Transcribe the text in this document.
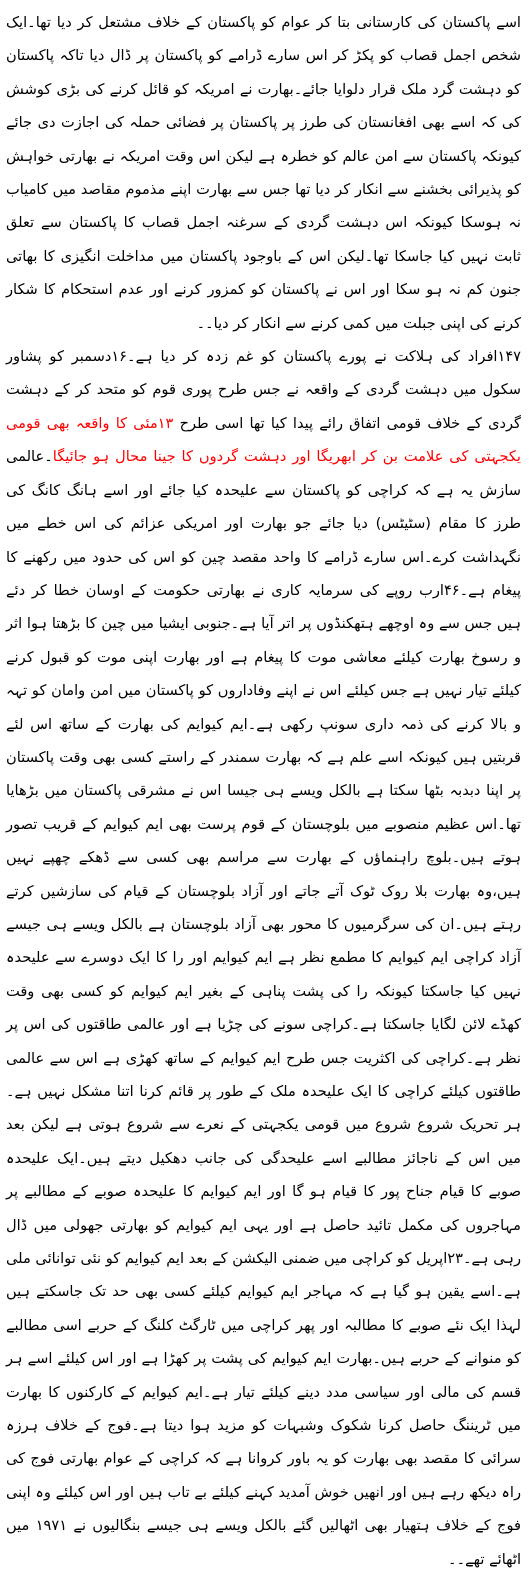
اسے پاکستان کی کارستانی بتا کر عوام کو پاکستان کے خلاف مشتعل کر دیا تھا۔ایک شخص اجمل قصاب کو پکڑ کر اس سارے ڈرامے کو پاکستان پر ڈال دیا تاکہ پاکستان کو دہشت گرد ملک قرار دلوایا جائے۔بھارت نے امریکہ کو قائل کرنے کی بڑی کوشش کی کہ اسے بھی افغانستان کی طرز پر پاکستان پر فضائی حملہ کی اجازت دی جائے کیونکہ پاکستان سے امن عالم کو خطرہ ہے لیکن اس وقت امریکہ نے بھارتی خواہش کو پذیرائی بخشنے سے انکار کر دیا تھا جس سے بھارت اپنے مذموم مقاصد میں کامیاب نہ ہوسکا کیونکہ اس دہشت گردی کے سرغنہ اجمل قصاب کا پاکستان سے تعلق ثابت نہیں کیا جاسکا تھا۔لیکن اس کے باوجود پاکستان میں مداخلت انگیزی کا بھاتی جنون کم نہ ہو سکا اور اس نے پاکستان کو کمزور کرنے اور عدم استحکام کا شکار کرنے کی اپنی جبلت میں کمی کرنے سے انکار کر دیا۔۔

۱۴۷افراد کی ہلاکت نے پورے پاکستان کو غم زدہ کر دیا ہے۔۱۶دسمبر کو پشاور سکول میں دہشت گردی کے واقعہ نے جس طرح پوری قوم کو متحد کر کے دہشت گردی کے خلاف قومی اتفاق رائے پیدا کیا تھا اسی طرح ۱۳مئی کا واقعہ بھی قومی یکجہتی کی علامت بن کر ابھریگا اور دہشت گردوں کا جینا محال ہو جائیگا۔عالمی سازش یہ ہے کہ کراچی کو پاکستان سے علیحدہ کیا جائے اور اسے ہانگ کانگ کی طرز کا مقام (سٹیٹس) دیا جائے جو بھارت اور امریکی عزائم کی اس خطے میں نگہداشت کرے۔اس سارے ڈرامے کا واحد مقصد چین کو اس کی حدود میں رکھنے کا پیغام ہے۔۴۶ارب روپے کی سرمایہ کاری نے بھارتی حکومت کے اوسان خطا کر دئے ہیں جس سے وہ اوچھے ہتھکنڈوں پر اتر آیا ہے۔جنوبی ایشیا میں چین کا بڑھتا ہوا اثر و رسوخ بھارت کیلئے معاشی موت کا پیغام ہے اور بھارت اپنی موت کو قبول کرنے کیلئے تیار نہیں ہے جس کیلئے اس نے اپنے وفاداروں کو پاکستان میں امن وامان کو تہہ و بالا کرنے کی ذمہ داری سونپ رکھی ہے۔ایم کیوایم کی بھارت کے ساتھ اس لئے قربتیں ہیں کیونکہ اسے علم ہے کہ بھارت سمندر کے راستے کسی بھی وقت پاکستان پر اپنا دبدبہ بٹھا سکتا ہے بالکل ویسے ہی جیسا اس نے مشرقی پاکستان میں بڑھایا تھا۔اس عظیم منصوبے میں بلوچستان کے قوم پرست بھی ایم کیوایم کے قریب تصور ہوتے ہیں۔بلوچ راہنماؤں کے بھارت سے مراسم بھی کسی سے ڈھکے چھپے نہیں ہیں،وہ بھارت بلا روک ٹوک آتے جاتے اور آزاد بلوچستان کے قیام کی سازشیں کرتے رہتے ہیں۔ان کی سرگرمیوں کا محور بھی آزاد بلوچستان ہے بالکل ویسے ہی جیسے آزاد کراچی ایم کیوایم کا مطمع نظر ہے ایم کیوایم اور را کا ایک دوسرے سے علیحدہ نہیں کیا جاسکتا کیونکہ را کی پشت پناہی کے بغیر ایم کیوایم کو کسی بھی وقت کھڈے لائن لگایا جاسکتا ہے۔کراچی سونے کی چڑیا ہے اور عالمی طاقتوں کی اس پر نظر ہے۔کراچی کی اکثریت جس طرح ایم کیوایم کے ساتھ کھڑی ہے اس سے عالمی طاقتوں کیلئے کراچی کا ایک علیحدہ ملک کے طور پر قائم کرنا اتنا مشکل نہیں ہے۔ہر تحریک شروع شروع میں قومی یکجہتی کے نعرے سے شروع ہوتی ہے لیکن بعد میں اس کے ناجائز مطالبے اسے علیحدگی کی جانب دھکیل دیتے ہیں۔ایک علیحدہ صوبے کا قیام جناح پور کا قیام ہو گا اور ایم کیوایم کا علیحدہ صوبے کے مطالبے پر مہاجروں کی مکمل تائید حاصل ہے اور یہی ایم کیوایم کو بھارتی جھولی میں ڈال رہی ہے۔۲۳اپریل کو کراچی میں ضمنی الیکشن کے بعد ایم کیوایم کو نئی توانائی ملی ہے۔اسے یقین ہو گیا ہے کہ مہاجر ایم کیوایم کیلئے کسی بھی حد تک جاسکتے ہیں لہذا ایک نئے صوبے کا مطالبہ اور پھر کراچی میں ٹارگٹ کلنگ کے حربے اسی مطالبے کو منوانے کے حربے ہیں۔بھارت ایم کیوایم کی پشت پر کھڑا ہے اور اس کیلئے اسے ہر قسم کی مالی اور سیاسی مدد دینے کیلئے تیار ہے۔ایم کیوایم کے کارکنوں کا بھارت میں ٹریننگ حاصل کرنا شکوک وشبہات کو مزید ہوا دیتا ہے۔فوج کے خلاف ہرزہ سرائی کا مقصد بھی بھارت کو یہ باور کروانا ہے کہ کراچی کے عوام بھارتی فوج کی راہ دیکھ رہے ہیں اور انھیں خوش آمدید کہنے کیلئے بے تاب ہیں اور اس کیلئے وہ اپنی فوج کے خلاف ہتھیار بھی اٹھالیں گئے بالکل ویسے ہی جیسے بنگالیوں نے ۱۹۷۱ میں اٹھائے تھے۔۔
